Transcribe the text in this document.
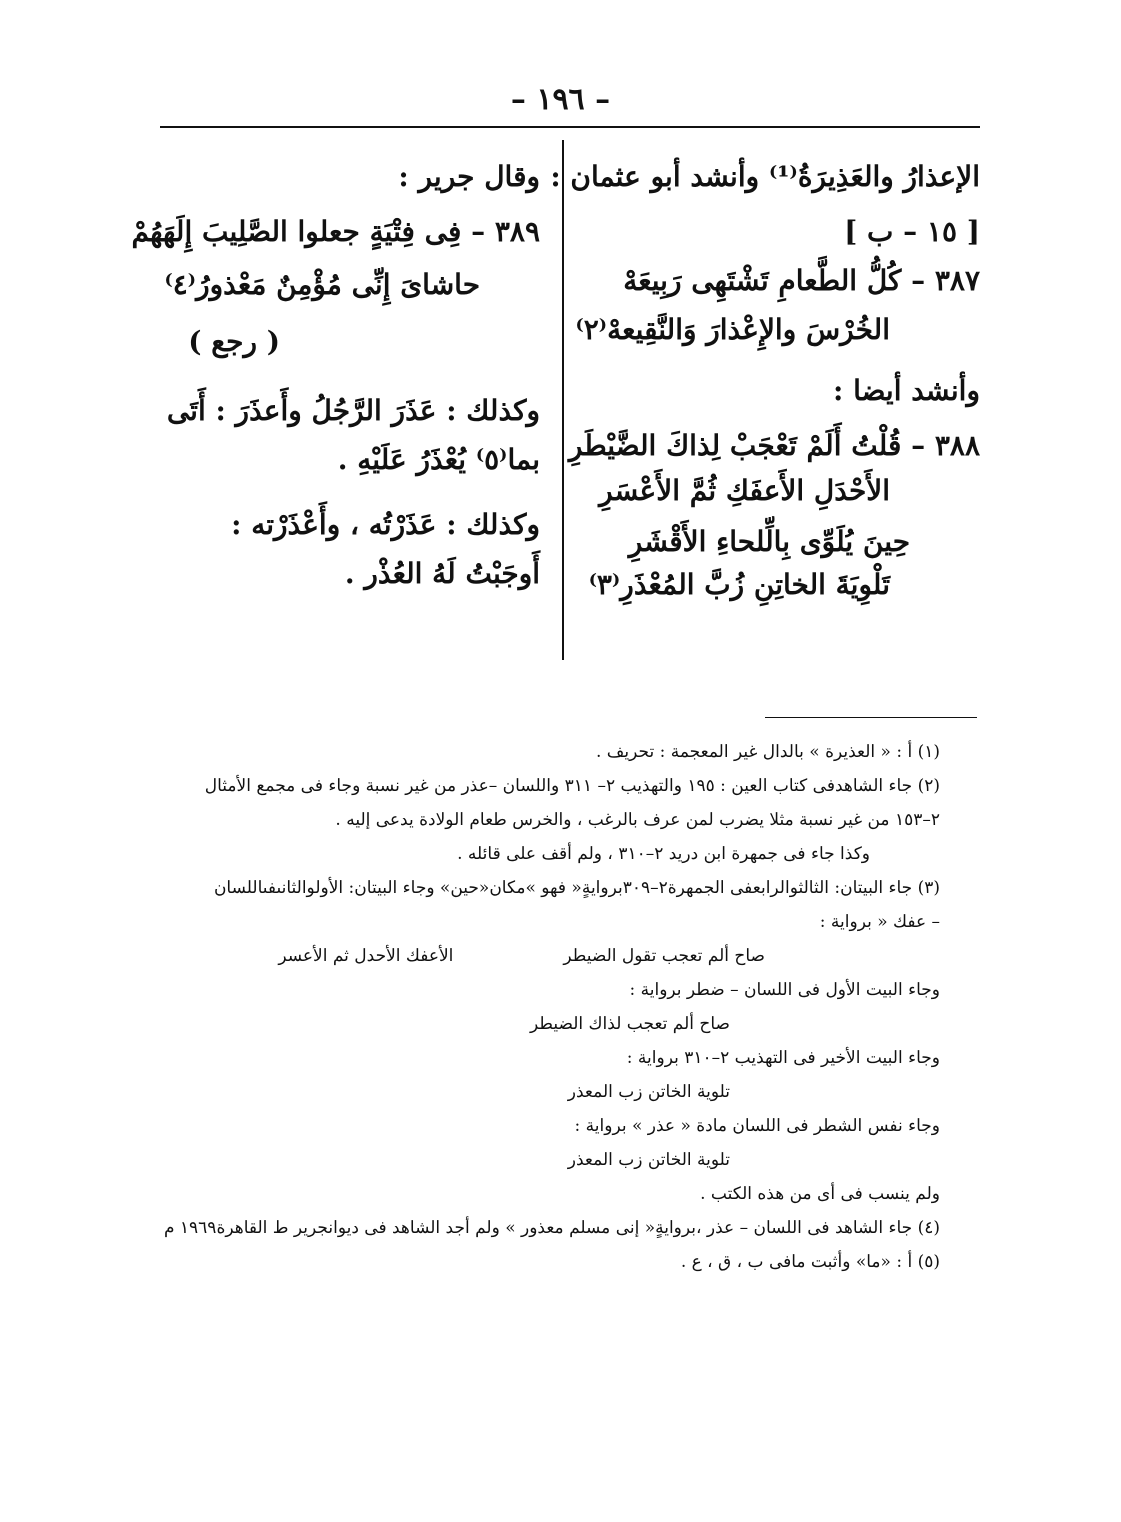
– ١٩٦ –

الإعذارُ والعَذِيرَةُ⁽¹⁾ وأنشد أبو عثمان :

[ ١٥ – ب ]

٣٨٧ – كُلُّ الطَّعامِ تَشْتَهِى رَبِيعَهْ

الخُرْسَ والإِعْذارَ وَالنَّقِيعهْ⁽٢⁾

وأنشد أيضا :

٣٨٨ – قُلْتُ أَلَمْ تَعْجَبْ لِذاكَ الضَّيْطَرِ

الأَحْدَلِ الأَعفَكِ ثُمَّ الأَعْسَرِ

حِينَ يُلَوِّى بِالِّلحاءِ الأَقْشَرِ

تَلْوِيَةَ الخاتِنِ زُبَّ المُعْذَرِ⁽٣⁾

وقال جرير :

٣٨٩ – فِى فِتْيَةٍ جعلوا الصَّلِيبَ إِلَهَهُمْ

حاشاىَ إِنِّى مُؤْمِنٌ مَعْذورُ⁽٤⁾

( رجع )

وكذلك : عَذَرَ الرَّجُلُ وأَعذَرَ : أَتَى

بما⁽٥⁾ يُعْذَرُ عَلَيْهِ .

وكذلك : عَذَرْتُه ، وأَعْذَرْته :

أَوجَبْتُ لَهُ العُذْر .

(١) أ : « العذيرة » بالدال غير المعجمة : تحريف .

(٢) جاء الشاهدفى كتاب العين : ١٩٥ والتهذيب ٢– ٣١١ واللسان –عذر من غير نسبة وجاء فى مجمع الأمثال

٢–١٥٣ من غير نسبة مثلا يضرب لمن عرف بالرغب ، والخرس طعام الولادة يدعى إليه .

وكذا جاء فى جمهرة ابن دريد ٢–٣١٠ ، ولم أقف على قائله .

(٣) جاء البيتان: الثالثوالرابعفى الجمهرة٢–٣٠٩بروايةٍ« فهو »مكان«حين» وجاء البيتان: الأولوالثانىفىاللسان

– عفك « برواية :

صاح ألم تعجب تقول الضيطر
الأعفك الأحدل ثم الأعسر

وجاء البيت الأول فى اللسان – ضطر برواية :

صاح ألم تعجب لذاك الضيطر

وجاء البيت الأخير فى التهذيب ٢–٣١٠ برواية :

تلوية الخاتن زب المعذر

وجاء نفس الشطر فى اللسان مادة « عذر » برواية :

تلوية الخاتن زب المعذر

ولم ينسب فى أى من هذه الكتب .

(٤) جاء الشاهد فى اللسان – عذر ،بروايةٍ« إنى مسلم معذور » ولم أجد الشاهد فى ديوانجرير ط القاهرة١٩٦٩ م

(٥) أ : «ما» وأثبت مافى ب ، ق ، ع .
